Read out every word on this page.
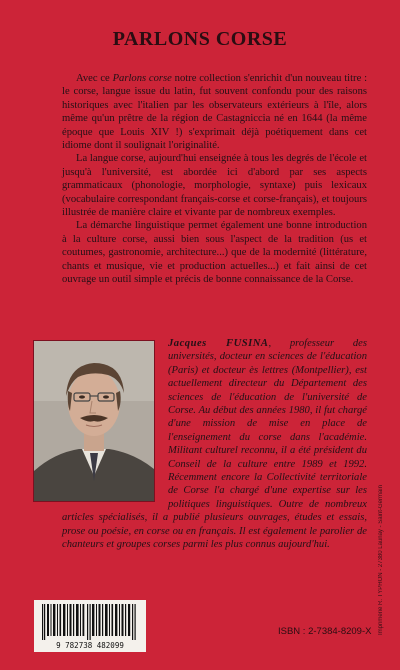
PARLONS CORSE

Avec ce Parlons corse notre collection s'enrichit d'un nouveau titre : le corse, langue issue du latin, fut souvent confondu pour des raisons historiques avec l'italien par les observateurs extérieurs à l'île, alors même qu'un prêtre de la région de Castagniccia né en 1644 (la même époque que Louis XIV !) s'exprimait déjà poétiquement dans cet idiome dont il soulignait l'originalité.

La langue corse, aujourd'hui enseignée à tous les degrés de l'école et jusqu'à l'université, est abordée ici d'abord par ses aspects grammaticaux (phonologie, morphologie, syntaxe) puis lexicaux (vocabulaire correspondant français-corse et corse-français), et toujours illustrée de manière claire et vivante par de nombreux exemples.

La démarche linguistique permet également une bonne introduction à la culture corse, aussi bien sous l'aspect de la tradition (us et coutumes, gastronomie, architecture...) que de la modernité (littérature, chants et musique, vie et production actuelles...) et fait ainsi de cet ouvrage un outil simple et précis de bonne connaissance de la Corse.

Jacques FUSINA, professeur des universités, docteur en sciences de l'éducation (Paris) et docteur ès lettres (Montpellier), est actuellement directeur du Département des sciences de l'éducation de l'université de Corse. Au début des années 1980, il fut chargé d'une mission de mise en place de l'enseignement du corse dans l'académie. Militant culturel reconnu, il a été président du Conseil de la culture entre 1989 et 1992. Récemment encore la Collectivité territoriale de Corse l'a chargé d'une expertise sur les politiques linguistiques. Outre de nombreux articles spécialisés, il a publié plusieurs ouvrages, études et essais, prose ou poésie, en corse ou en français. Il est également le parolier de chanteurs et groupes corses parmi les plus connus aujourd'hui.
9 782738 482099
ISBN : 2-7384-8209-X Imprimerie R. TYPHON - 27380 Launay - Saint-Germain
